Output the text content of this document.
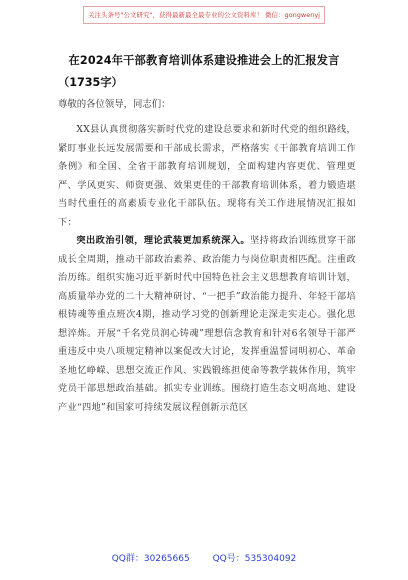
关注头条号"公文研究"，获得最新最全最专业的公文资料库！ 微信：gongwenyj
在2024年干部教育培训体系建设推进会上的汇报发言
（1735字）
尊敬的各位领导，同志们：

XX县认真贯彻落实新时代党的建设总要求和新时代党的组织路线，紧盯事业长远发展需要和干部成长需求，严格落实《干部教育培训工作条例》和全国、全省干部教育培训规划，全面构建内容更优、管理更严、学风更实、师资更强、效果更佳的干部教育培训体系，着力锻造堪当时代重任的高素质专业化干部队伍。现将有关工作进展情况汇报如下：

突出政治引领，理论武装更加系统深入。坚持将政治训练贯穿干部成长全周期，推动干部政治素养、政治能力与岗位职责相匹配。注重政治历练。组织实施习近平新时代中国特色社会主义思想教育培训计划，高质量举办党的二十大精神研讨、“一把手”政治能力提升、年轻干部培根铸魂等重点班次4期，推动学习党的创新理论走深走实走心。强化思想淬炼。开展“千名党员润心铸魂”理想信念教育和针对6名领导干部严重违反中央八项规定精神以案促改大讨论，发挥重温誓词明初心、革命圣地忆峥嵘、思想交流正作风、实践锻练担使命等教学载体作用，筑牢党员干部思想政治基础。抓实专业训练。围绕打造生态文明高地、建设产业“四地”和国家可持续发展议程创新示范区

QQ群：30265665	QQ号：535304092
